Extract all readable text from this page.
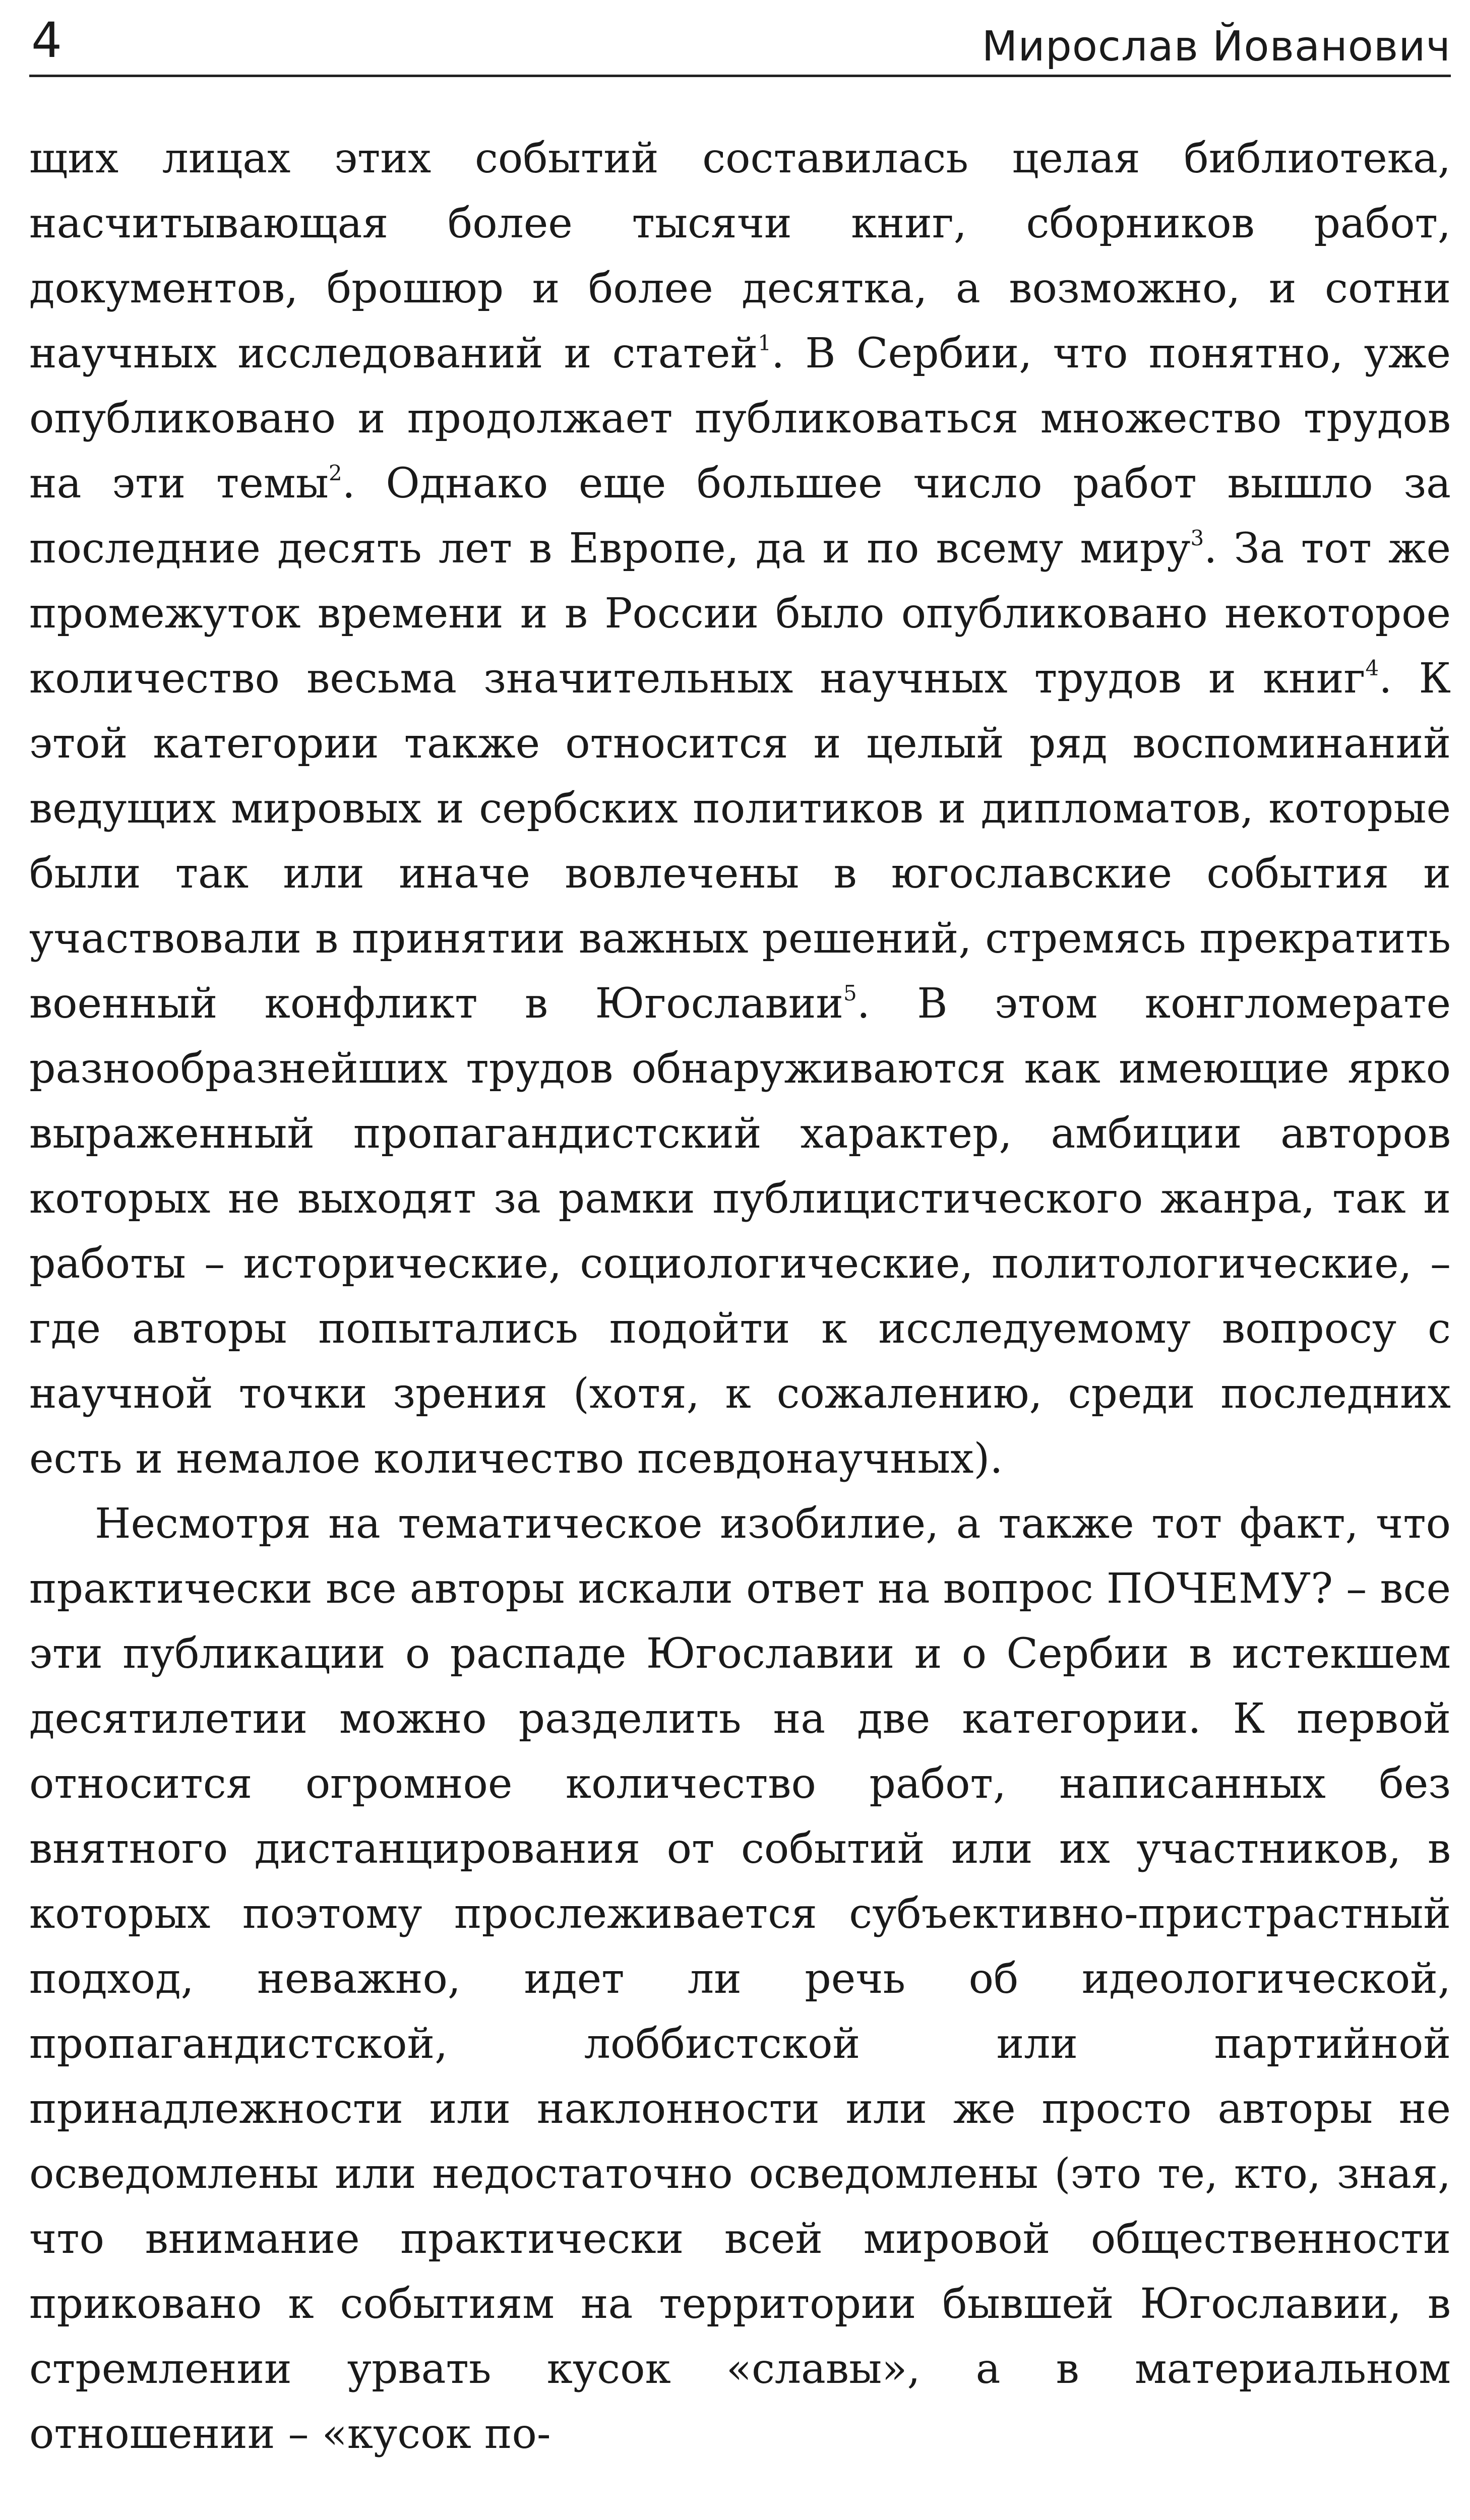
4	Мирослав Йованович

щих лицах этих событий составилась целая библиотека, насчитывающая более тысячи книг, сборников работ, документов, брошюр и более десятка, а возможно, и сотни научных исследований и статей$^1$. В Сербии, что понятно, уже опубликовано и продолжает публиковаться множество трудов на эти темы$^2$. Однако еще большее число работ вышло за последние десять лет в Европе, да и по всему миру$^3$. За тот же промежуток времени и в России было опубликовано некоторое количество весьма значительных научных трудов и книг$^4$. К этой категории также относится и целый ряд воспоминаний ведущих мировых и сербских политиков и дипломатов, которые были так или иначе вовлечены в югославские события и участвовали в принятии важных решений, стремясь прекратить военный конфликт в Югославии$^5$. В этом конгломерате разнообразнейших трудов обнаруживаются как имеющие ярко выраженный пропагандистский характер, амбиции авторов которых не выходят за рамки публицистического жанра, так и работы – исторические, социологические, политологические, – где авторы попытались подойти к исследуемому вопросу с научной точки зрения (хотя, к сожалению, среди последних есть и немалое количество псевдонаучных).

Несмотря на тематическое изобилие, а также тот факт, что практически все авторы искали ответ на вопрос ПОЧЕМУ? – все эти публикации о распаде Югославии и о Сербии в истекшем десятилетии можно разделить на две категории. К первой относится огромное количество работ, написанных без внятного дистанцирования от событий или их участников, в которых поэтому прослеживается субъективно-пристрастный подход, неважно, идет ли речь об идеологической, пропагандистской, лоббистской или партийной принадлежности или наклонности или же просто авторы не осведомлены или недостаточно осведомлены (это те, кто, зная, что внимание практически всей мировой общественности приковано к событиям на территории бывшей Югославии, в стремлении урвать кусок «славы», а в материальном отношении – «кусок по-
